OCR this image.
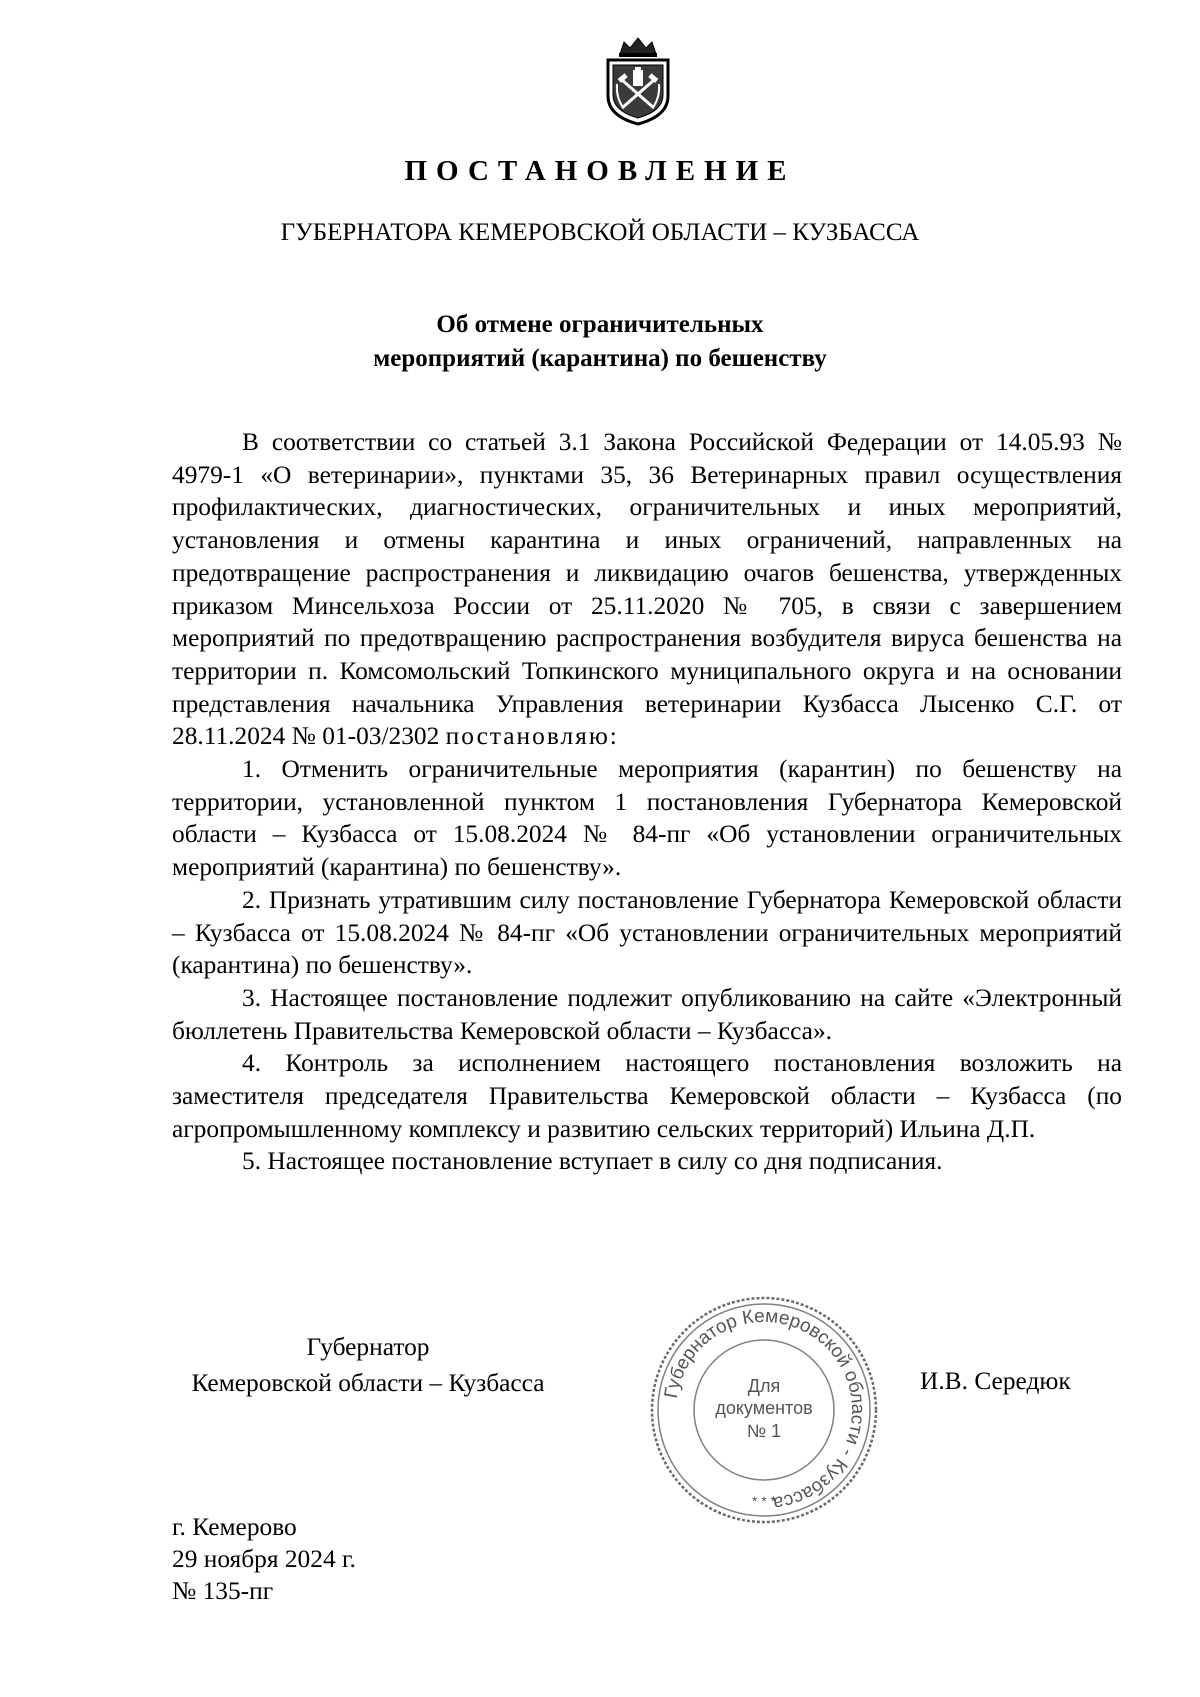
ПОСТАНОВЛЕНИЕ
ГУБЕРНАТОРА КЕМЕРОВСКОЙ ОБЛАСТИ – КУЗБАССА
Об отмене ограничительных
мероприятий (карантина) по бешенству

В соответствии со статьей 3.1 Закона Российской Федерации от 14.05.93 № 4979-1 «О ветеринарии», пунктами 35, 36 Ветеринарных правил осуществления профилактических, диагностических, ограничительных и иных мероприятий, установления и отмены карантина и иных ограничений, направленных на предотвращение распространения и ликвидацию очагов бешенства, утвержденных приказом Минсельхоза России от 25.11.2020 № 705, в связи с завершением мероприятий по предотвращению распространения возбудителя вируса бешенства на территории п. Комсомольский Топкинского муниципального округа и на основании представления начальника Управления ветеринарии Кузбасса Лысенко С.Г. от 28.11.2024 № 01-03/2302 постановляю:

1. Отменить ограничительные мероприятия (карантин) по бешенству на территории, установленной пунктом 1 постановления Губернатора Кемеровской области – Кузбасса от 15.08.2024 № 84-пг «Об установлении ограничительных мероприятий (карантина) по бешенству».

2. Признать утратившим силу постановление Губернатора Кемеровской области – Кузбасса от 15.08.2024 № 84-пг «Об установлении ограничительных мероприятий (карантина) по бешенству».

3. Настоящее постановление подлежит опубликованию на сайте «Электронный бюллетень Правительства Кемеровской области – Кузбасса».

4. Контроль за исполнением настоящего постановления возложить на заместителя председателя Правительства Кемеровской области – Кузбасса (по агропромышленному комплексу и развитию сельских территорий) Ильина Д.П.

5. Настоящее постановление вступает в силу со дня подписания.

Губернатор
Кемеровской области – Кузбасса	Губернатор Кемеровской области - Кузбасса
Для
документов
№ 1
* * *
И.В. Середюк
г. Кемерово
29 ноября 2024 г.
№ 135-пг
